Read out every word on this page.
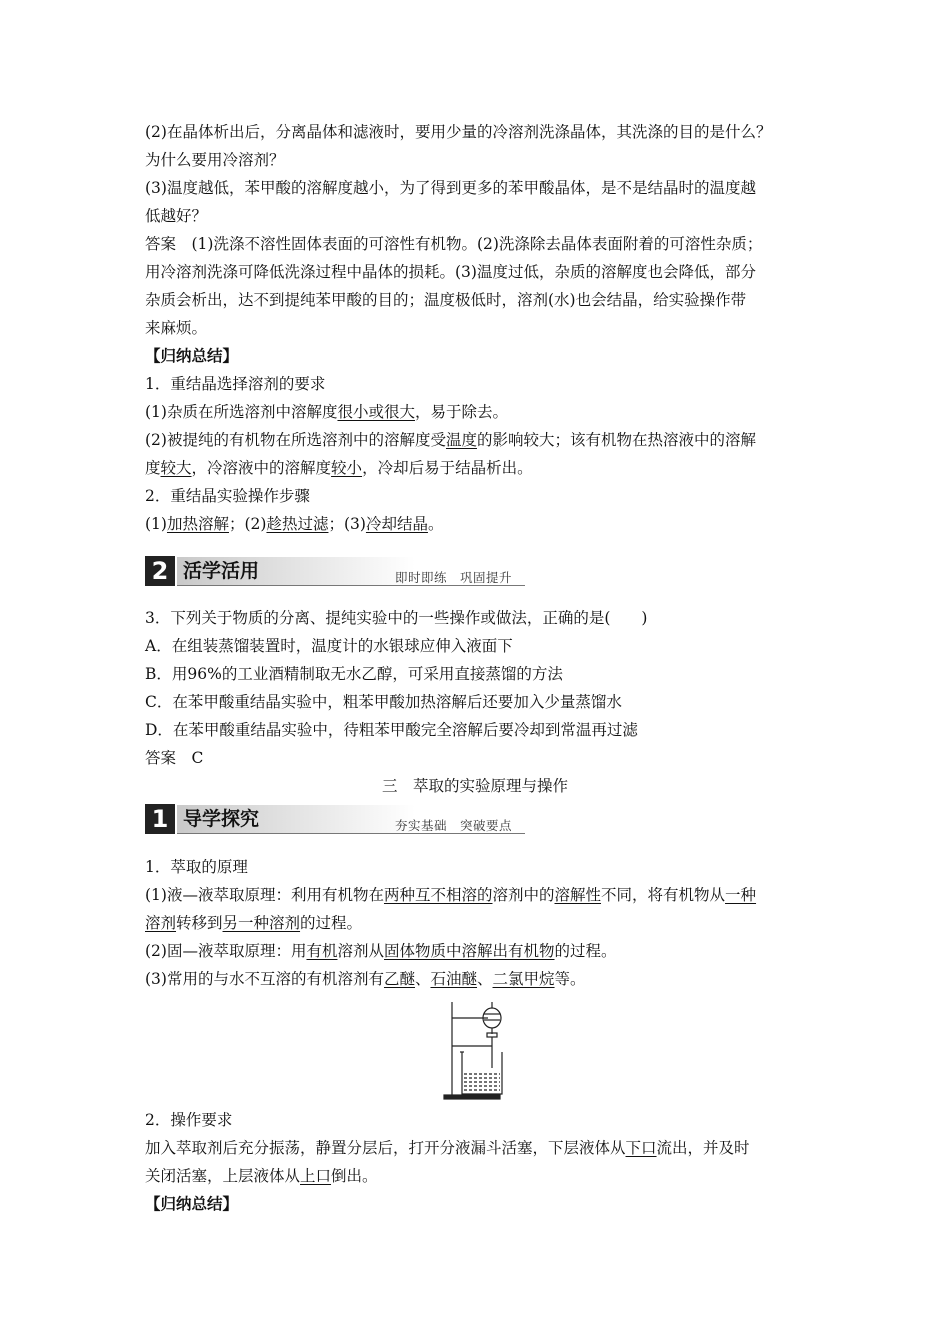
(2)在晶体析出后，分离晶体和滤液时，要用少量的冷溶剂洗涤晶体，其洗涤的目的是什么？
为什么要用冷溶剂？
(3)温度越低，苯甲酸的溶解度越小，为了得到更多的苯甲酸晶体，是不是结晶时的温度越
低越好？
答案　(1)洗涤不溶性固体表面的可溶性有机物。(2)洗涤除去晶体表面附着的可溶性杂质；
用冷溶剂洗涤可降低洗涤过程中晶体的损耗。(3)温度过低，杂质的溶解度也会降低，部分
杂质会析出，达不到提纯苯甲酸的目的；温度极低时，溶剂(水)也会结晶，给实验操作带
来麻烦。
【归纳总结】
1．重结晶选择溶剂的要求
(1)杂质在所选溶剂中溶解度很小或很大，易于除去。
(2)被提纯的有机物在所选溶剂中的溶解度受温度的影响较大；该有机物在热溶液中的溶解
度较大，冷溶液中的溶解度较小，冷却后易于结晶析出。
2．重结晶实验操作步骤
(1)加热溶解；(2)趁热过滤；(3)冷却结晶。
2 活学活用	即时即练　巩固提升
3．下列关于物质的分离、提纯实验中的一些操作或做法，正确的是(　　)
A．在组装蒸馏装置时，温度计的水银球应伸入液面下
B．用96%的工业酒精制取无水乙醇，可采用直接蒸馏的方法
C．在苯甲酸重结晶实验中，粗苯甲酸加热溶解后还要加入少量蒸馏水
D．在苯甲酸重结晶实验中，待粗苯甲酸完全溶解后要冷却到常温再过滤
答案　C
三　萃取的实验原理与操作
1 导学探究	夯实基础　突破要点
1．萃取的原理
(1)液—液萃取原理：利用有机物在两种互不相溶的溶剂中的溶解性不同，将有机物从一种
溶剂转移到另一种溶剂的过程。
(2)固—液萃取原理：用有机溶剂从固体物质中溶解出有机物的过程。
(3)常用的与水不互溶的有机溶剂有乙醚、石油醚、二氯甲烷等。
2．操作要求
加入萃取剂后充分振荡，静置分层后，打开分液漏斗活塞，下层液体从下口流出，并及时
关闭活塞，上层液体从上口倒出。
【归纳总结】
